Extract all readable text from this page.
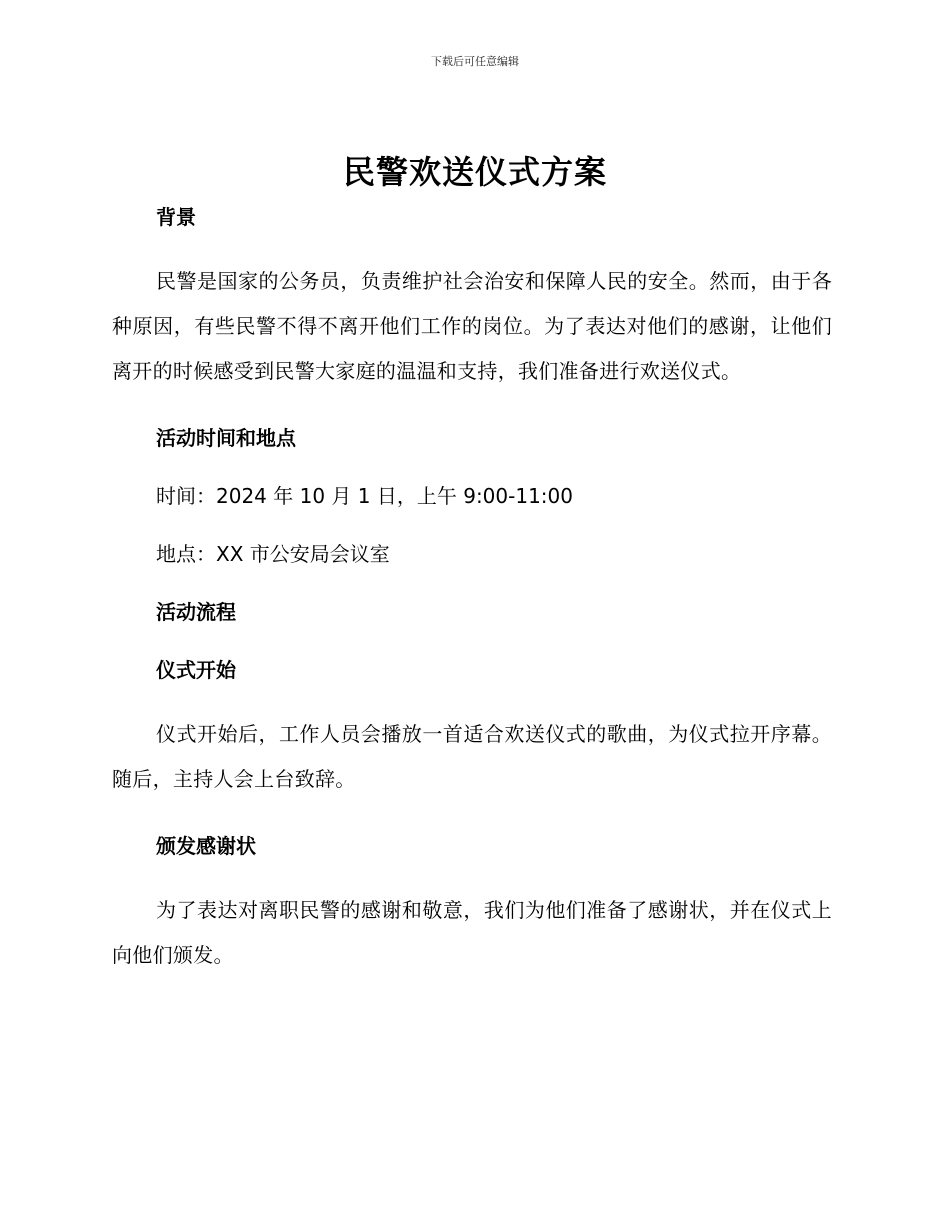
下载后可任意编辑
民警欢送仪式方案
背景

民警是国家的公务员，负责维护社会治安和保障人民的安全。然而，由于各种原因，有些民警不得不离开他们工作的岗位。为了表达对他们的感谢，让他们离开的时候感受到民警大家庭的温温和支持，我们准备进行欢送仪式。

活动时间和地点
时间：2024 年 10 月 1 日，上午 9:00-11:00
地点：XX 市公安局会议室
活动流程
仪式开始

仪式开始后，工作人员会播放一首适合欢送仪式的歌曲，为仪式拉开序幕。随后，主持人会上台致辞。

颁发感谢状

为了表达对离职民警的感谢和敬意，我们为他们准备了感谢状，并在仪式上向他们颁发。
